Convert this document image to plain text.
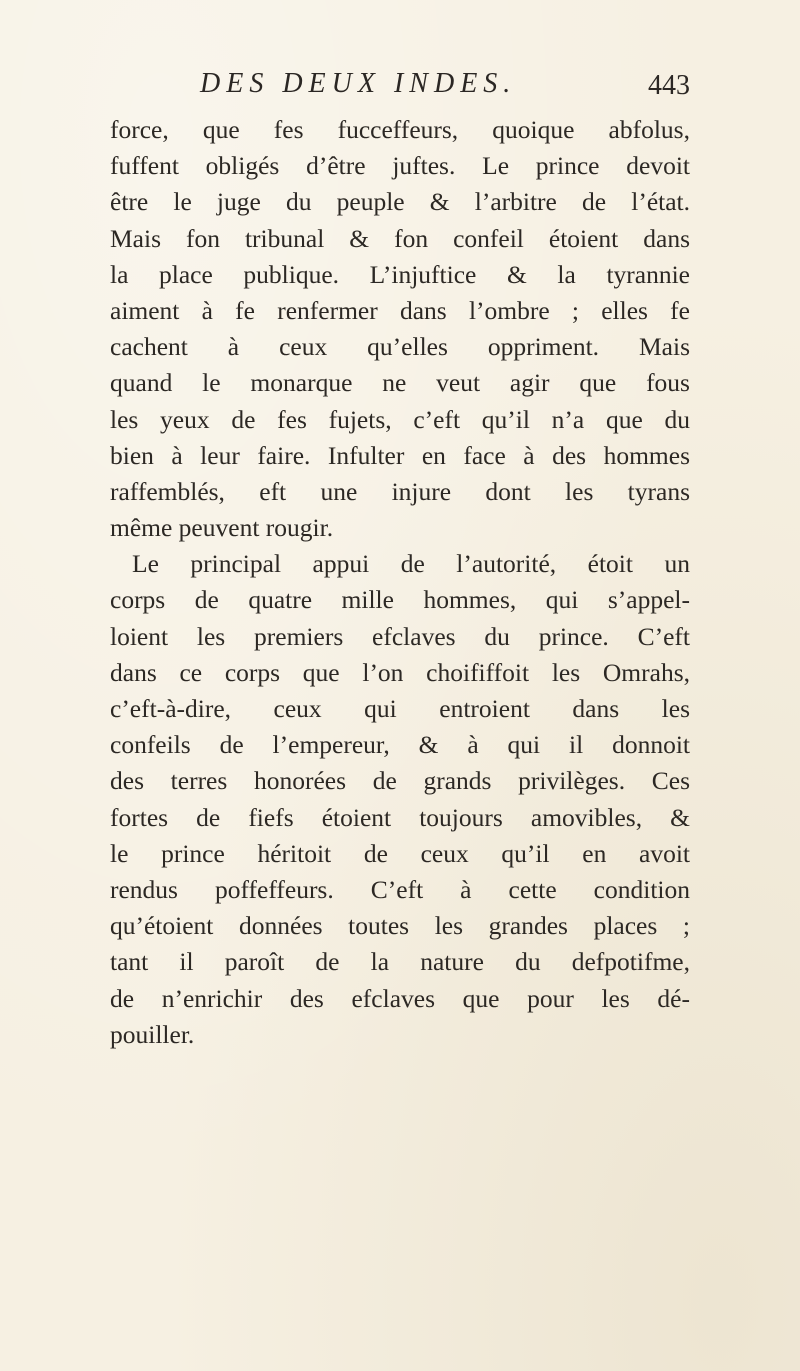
DES DEUX INDES.	443
force, que fes fucceffeurs, quoique abfolus,
fuffent obligés d’être juftes. Le prince devoit
être le juge du peuple & l’arbitre de l’état.
Mais fon tribunal & fon confeil étoient dans
la place publique. L’injuftice & la tyrannie
aiment à fe renfermer dans l’ombre ; elles fe
cachent à ceux qu’elles oppriment. Mais
quand le monarque ne veut agir que fous
les yeux de fes fujets, c’eft qu’il n’a que du
bien à leur faire. Infulter en face à des hommes
raffemblés, eft une injure dont les tyrans
même peuvent rougir.
Le principal appui de l’autorité, étoit un
corps de quatre mille hommes, qui s’appel-
loient les premiers efclaves du prince. C’eft
dans ce corps que l’on choififfoit les Omrahs,
c’eft-à-dire, ceux qui entroient dans les
confeils de l’empereur, & à qui il donnoit
des terres honorées de grands privilèges. Ces
fortes de fiefs étoient toujours amovibles, &
le prince héritoit de ceux qu’il en avoit
rendus poffeffeurs. C’eft à cette condition
qu’étoient données toutes les grandes places ;
tant il paroît de la nature du defpotifme,
de n’enrichir des efclaves que pour les dé-
pouiller.
